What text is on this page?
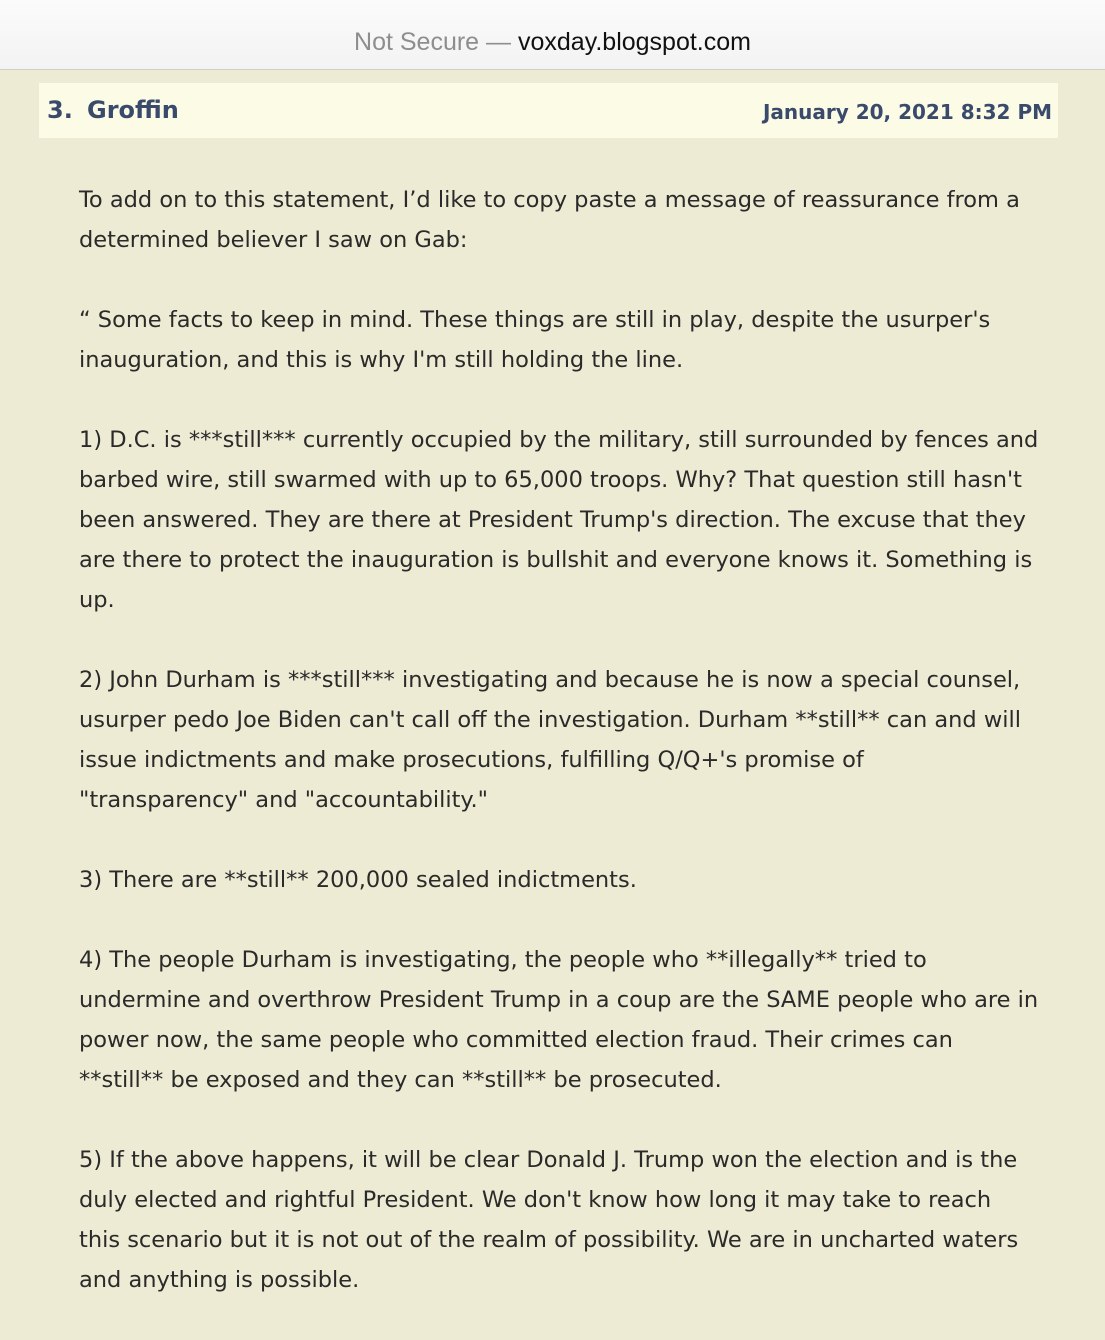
Not Secure — voxday.blogspot.com
3. Groffin	January 20, 2021 8:32 PM

To add on to this statement, I’d like to copy paste a message of reassurance from a determined believer I saw on Gab:

“ Some facts to keep in mind. These things are still in play, despite the usurper's inauguration, and this is why I'm still holding the line.

1) D.C. is ***still*** currently occupied by the military, still surrounded by fences and barbed wire, still swarmed with up to 65,000 troops. Why? That question still hasn't been answered. They are there at President Trump's direction. The excuse that they are there to protect the inauguration is bullshit and everyone knows it. Something is up.

2) John Durham is ***still*** investigating and because he is now a special counsel, usurper pedo Joe Biden can't call off the investigation. Durham **still** can and will issue indictments and make prosecutions, fulfilling Q/Q+'s promise of "transparency" and "accountability."

3) There are **still** 200,000 sealed indictments.

4) The people Durham is investigating, the people who **illegally** tried to undermine and overthrow President Trump in a coup are the SAME people who are in power now, the same people who committed election fraud. Their crimes can **still** be exposed and they can **still** be prosecuted.

5) If the above happens, it will be clear Donald J. Trump won the election and is the duly elected and rightful President. We don't know how long it may take to reach this scenario but it is not out of the realm of possibility. We are in uncharted waters and anything is possible.
